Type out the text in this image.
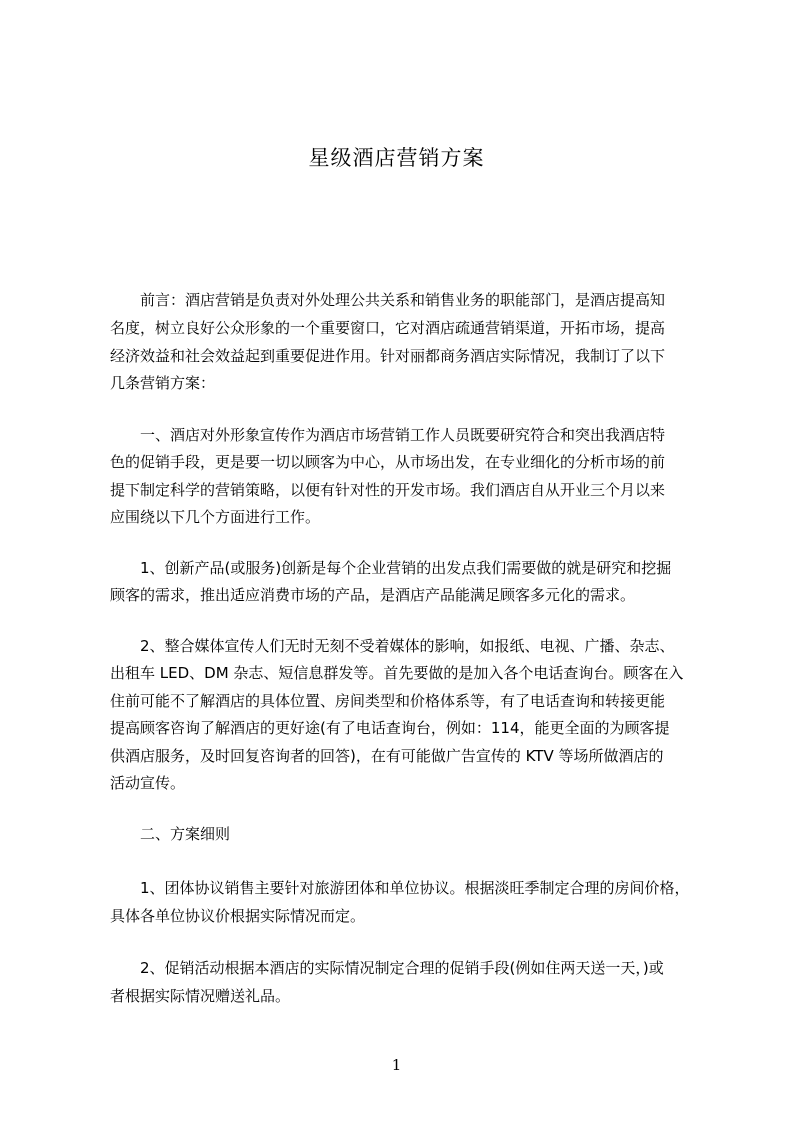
星级酒店营销方案
前言：酒店营销是负责对外处理公共关系和销售业务的职能部门，是酒店提高知
名度，树立良好公众形象的一个重要窗口，它对酒店疏通营销渠道，开拓市场，提高
经济效益和社会效益起到重要促进作用。针对丽都商务酒店实际情况，我制订了以下
几条营销方案：
一、酒店对外形象宣传作为酒店市场营销工作人员既要研究符合和突出我酒店特
色的促销手段，更是要一切以顾客为中心，从市场出发，在专业细化的分析市场的前
提下制定科学的营销策略，以便有针对性的开发市场。我们酒店自从开业三个月以来
应围绕以下几个方面进行工作。
1、创新产品(或服务)创新是每个企业营销的出发点我们需要做的就是研究和挖掘
顾客的需求，推出适应消费市场的产品，是酒店产品能满足顾客多元化的需求。
2、整合媒体宣传人们无时无刻不受着媒体的影响，如报纸、电视、广播、杂志、
出租车 LED、DM 杂志、短信息群发等。首先要做的是加入各个电话查询台。顾客在入
住前可能不了解酒店的具体位置、房间类型和价格体系等，有了电话查询和转接更能
提高顾客咨询了解酒店的更好途(有了电话查询台，例如：114，能更全面的为顾客提
供酒店服务，及时回复咨询者的回答)，在有可能做广告宣传的 KTV 等场所做酒店的
活动宣传。
二、方案细则
1、团体协议销售主要针对旅游团体和单位协议。根据淡旺季制定合理的房间价格，
具体各单位协议价根据实际情况而定。
2、促销活动根据本酒店的实际情况制定合理的促销手段(例如住两天送一天，)或
者根据实际情况赠送礼品。
1
